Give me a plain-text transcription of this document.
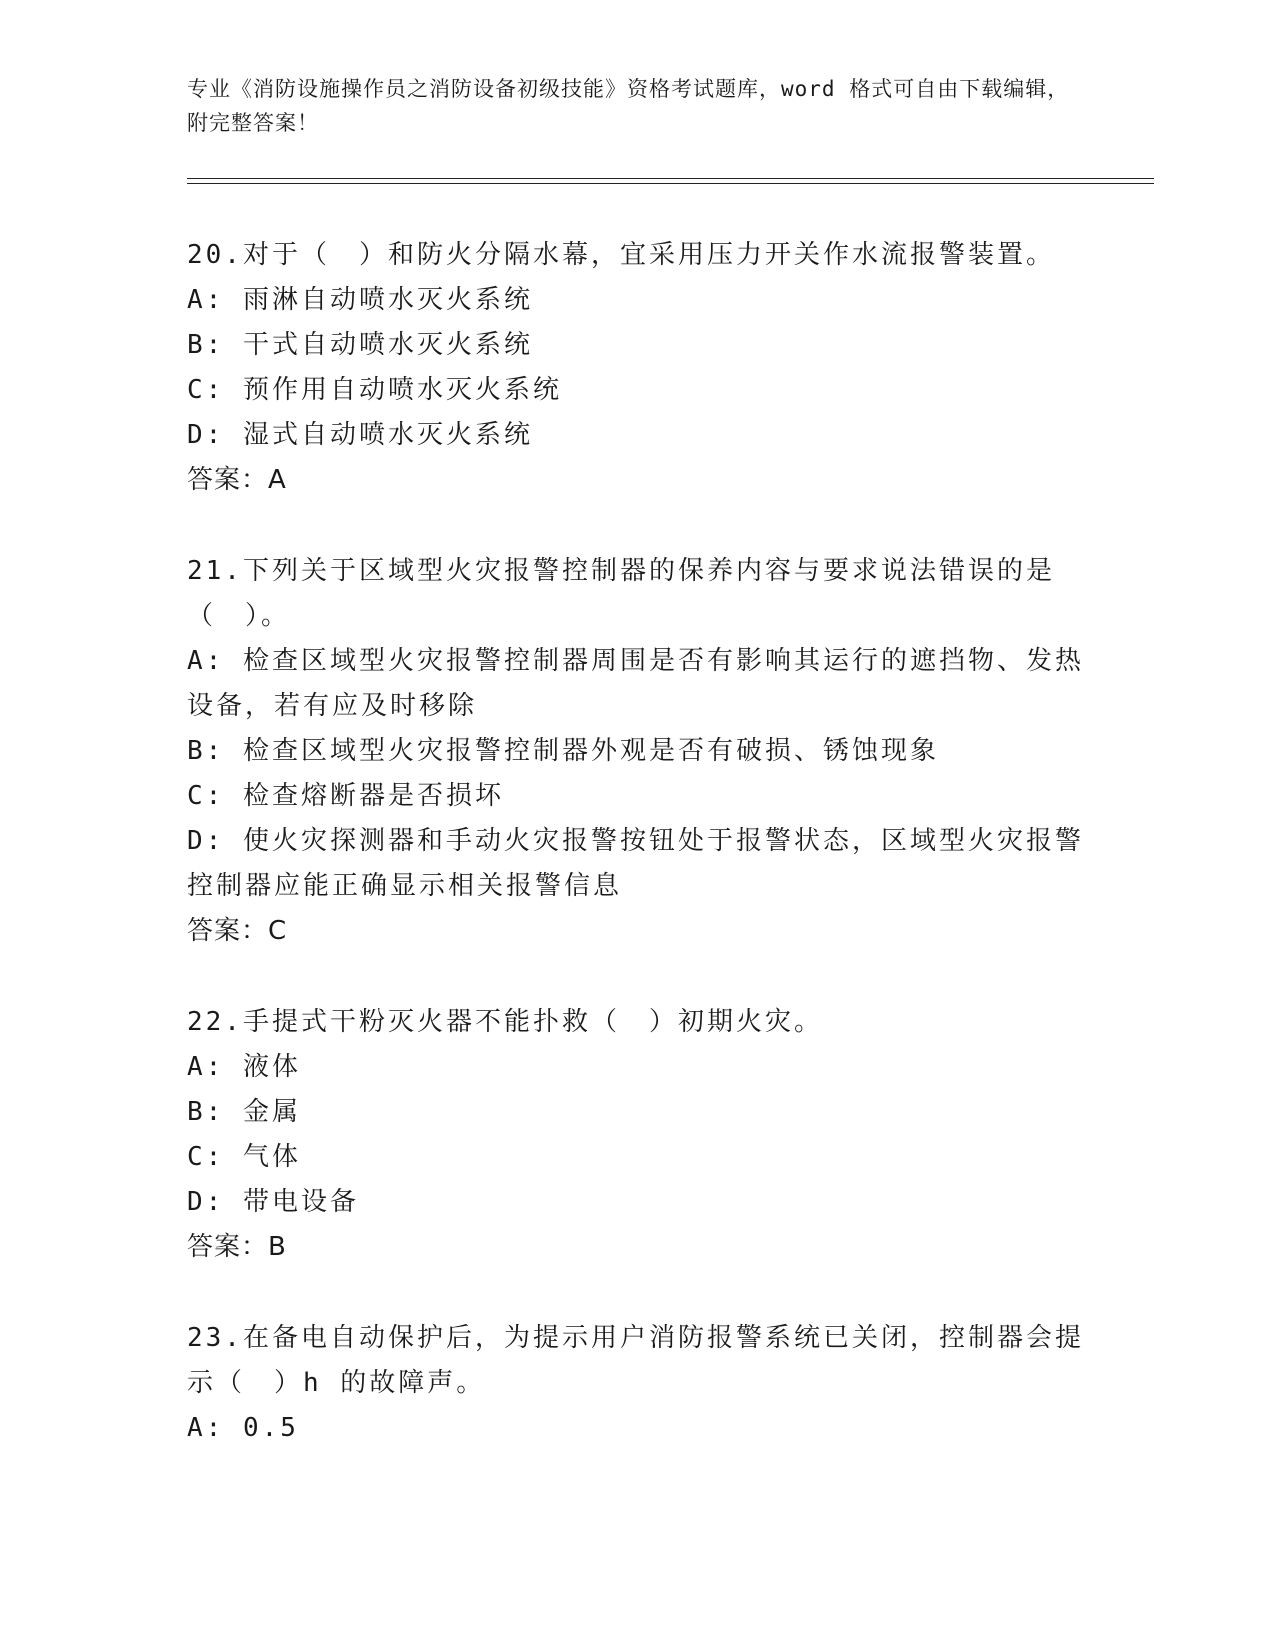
专业《消防设施操作员之消防设备初级技能》资格考试题库，word 格式可自由下载编辑，附完整答案！
20.对于（　）和防火分隔水幕，宜采用压力开关作水流报警装置。
A: 雨淋自动喷水灭火系统
B: 干式自动喷水灭火系统
C: 预作用自动喷水灭火系统
D: 湿式自动喷水灭火系统
答案：A
21.下列关于区域型火灾报警控制器的保养内容与要求说法错误的是（　）。
A: 检查区域型火灾报警控制器周围是否有影响其运行的遮挡物、发热设备，若有应及时移除
B: 检查区域型火灾报警控制器外观是否有破损、锈蚀现象
C: 检查熔断器是否损坏
D: 使火灾探测器和手动火灾报警按钮处于报警状态，区域型火灾报警控制器应能正确显示相关报警信息
答案：C
22.手提式干粉灭火器不能扑救（　）初期火灾。
A: 液体
B: 金属
C: 气体
D: 带电设备
答案：B
23.在备电自动保护后，为提示用户消防报警系统已关闭，控制器会提示（　）h 的故障声。
A: 0.5
